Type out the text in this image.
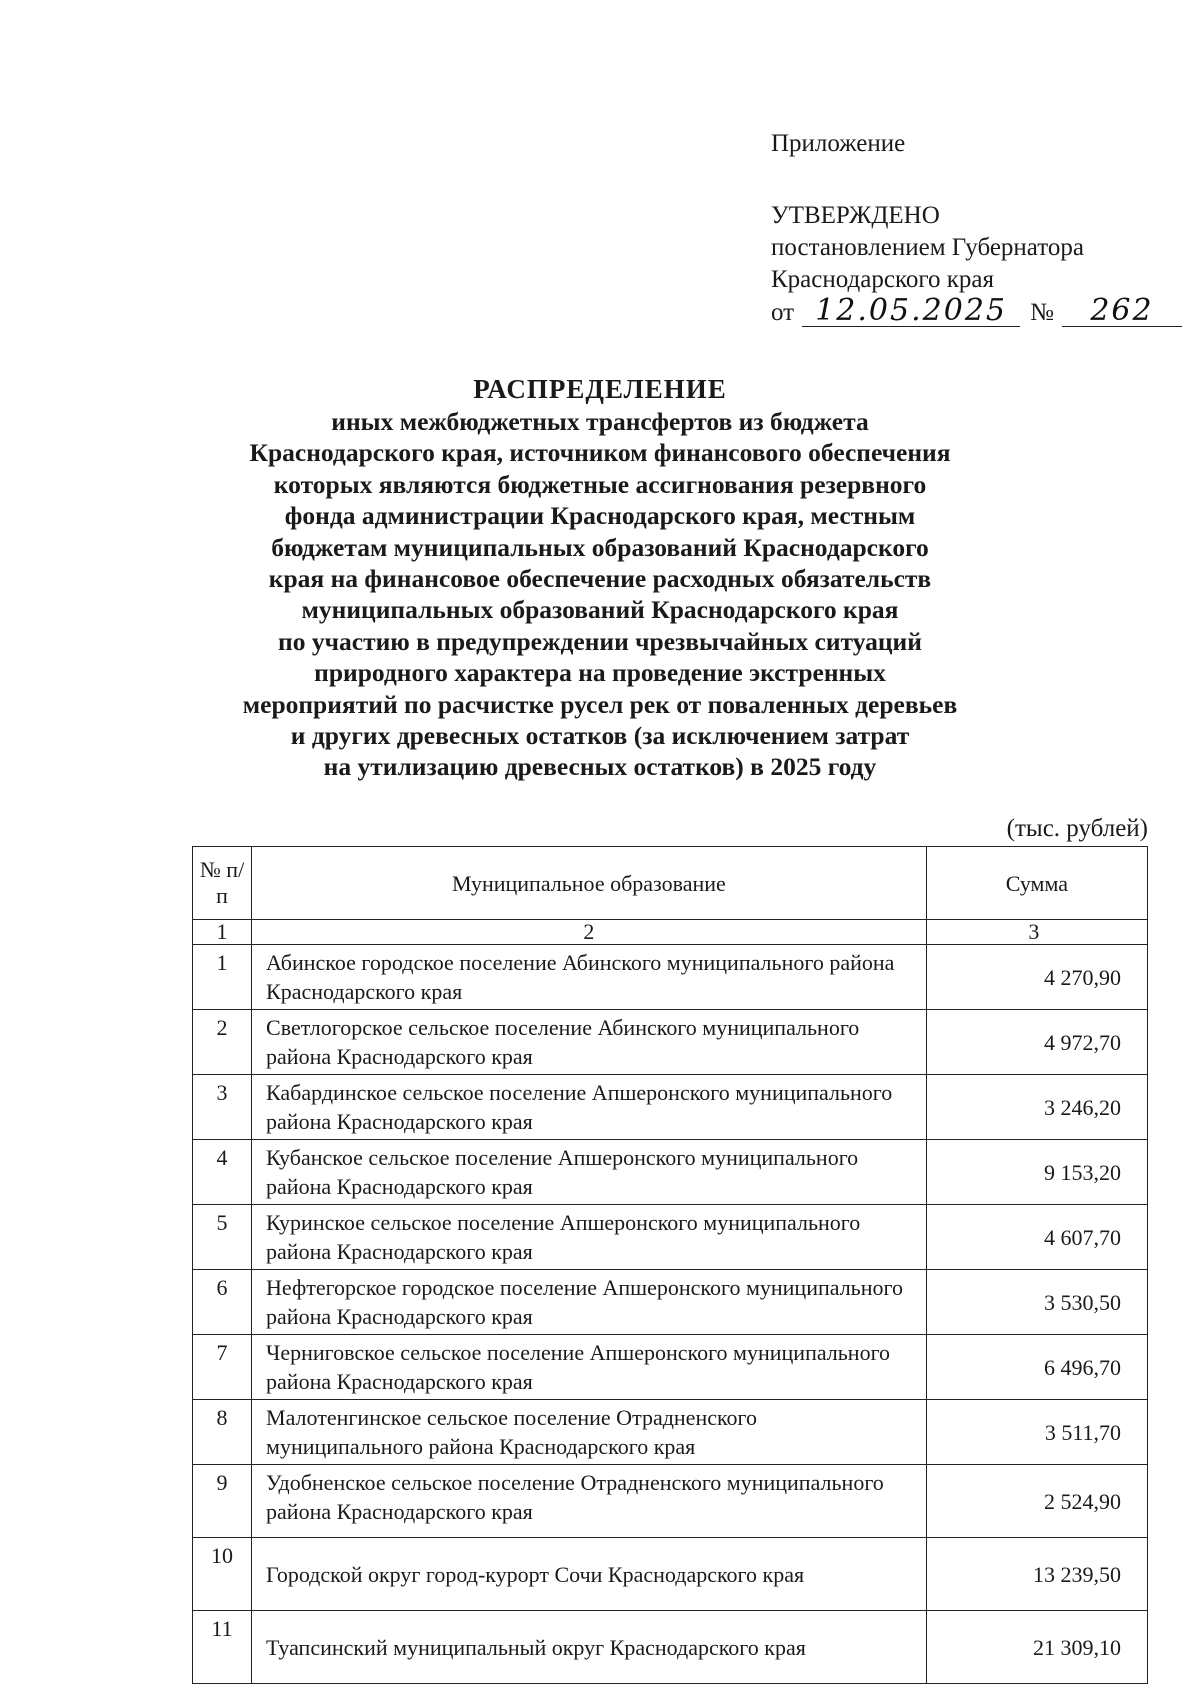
Приложение
УТВЕРЖДЕНО
постановлением Губернатора
Краснодарского края
от 12.05.2025 №	262
РАСПРЕДЕЛЕНИЕ
иных межбюджетных трансфертов из бюджета
Краснодарского края, источником финансового обеспечения
которых являются бюджетные ассигнования резервного
фонда администрации Краснодарского края, местным
бюджетам муниципальных образований Краснодарского
края на финансовое обеспечение расходных обязательств
муниципальных образований Краснодарского края
по участию в предупреждении чрезвычайных ситуаций
природного характера на проведение экстренных
мероприятий по расчистке русел рек от поваленных деревьев
и других древесных остатков (за исключением затрат
на утилизацию древесных остатков) в 2025 году
(тыс. рублей)
№ п/п	Муниципальное образование	Сумма
1	2	3
1	Абинское городское поселение Абинского муниципального района Краснодарского края	4 270,90
2	Светлогорское сельское поселение Абинского муниципального района Краснодарского края	4 972,70
3	Кабардинское сельское поселение Апшеронского муниципального района Краснодарского края	3 246,20
4	Кубанское сельское поселение Апшеронского муниципального района Краснодарского края	9 153,20
5	Куринское сельское поселение Апшеронского муниципального района Краснодарского края	4 607,70
6	Нефтегорское городское поселение Апшеронского муниципального района Краснодарского края	3 530,50
7	Черниговское сельское поселение Апшеронского муниципального района Краснодарского края	6 496,70
8	Малотенгинское сельское поселение Отрадненского муниципального района Краснодарского края	3 511,70
9	Удобненское сельское поселение Отрадненского муниципального района Краснодарского края	2 524,90
10	Городской округ город-курорт Сочи Краснодарского края	13 239,50
11	Туапсинский муниципальный округ Краснодарского края	21 309,10
